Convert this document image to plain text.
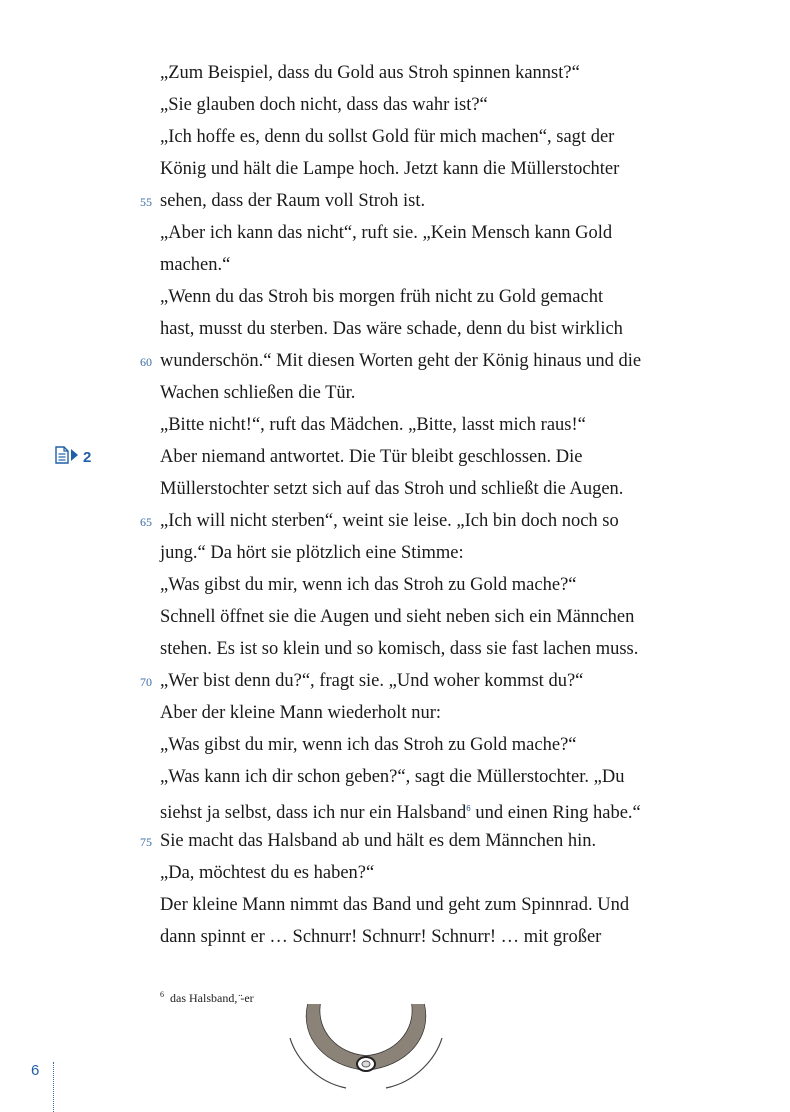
„Zum Beispiel, dass du Gold aus Stroh spinnen kannst?“
„Sie glauben doch nicht, dass das wahr ist?“
„Ich hoffe es, denn du sollst Gold für mich machen“, sagt der
König und hält die Lampe hoch. Jetzt kann die Müllerstochter
sehen, dass der Raum voll Stroh ist.
„Aber ich kann das nicht“, ruft sie. „Kein Mensch kann Gold
machen.“
„Wenn du das Stroh bis morgen früh nicht zu Gold gemacht
hast, musst du sterben. Das wäre schade, denn du bist wirklich
wunderschön.“ Mit diesen Worten geht der König hinaus und die
Wachen schließen die Tür.
„Bitte nicht!“, ruft das Mädchen. „Bitte, lasst mich raus!“
Aber niemand antwortet. Die Tür bleibt geschlossen. Die
Müllerstochter setzt sich auf das Stroh und schließt die Augen.
„Ich will nicht sterben“, weint sie leise. „Ich bin doch noch so
jung.“ Da hört sie plötzlich eine Stimme:
„Was gibst du mir, wenn ich das Stroh zu Gold mache?“
Schnell öffnet sie die Augen und sieht neben sich ein Männchen
stehen. Es ist so klein und so komisch, dass sie fast lachen muss.
„Wer bist denn du?“, fragt sie. „Und woher kommst du?“
Aber der kleine Mann wiederholt nur:
„Was gibst du mir, wenn ich das Stroh zu Gold mache?“
„Was kann ich dir schon geben?“, sagt die Müllerstochter. „Du
siehst ja selbst, dass ich nur ein Halsband$^6$ und einen Ring habe.“
Sie macht das Halsband ab und hält es dem Männchen hin.
„Da, möchtest du es haben?“
Der kleine Mann nimmt das Band und geht zum Spinnrad. Und
dann spinnt er … Schnurr! Schnurr! Schnurr! … mit großer
55
60
65
70
75
2
$^6$ das Halsband, ̈-er
6
